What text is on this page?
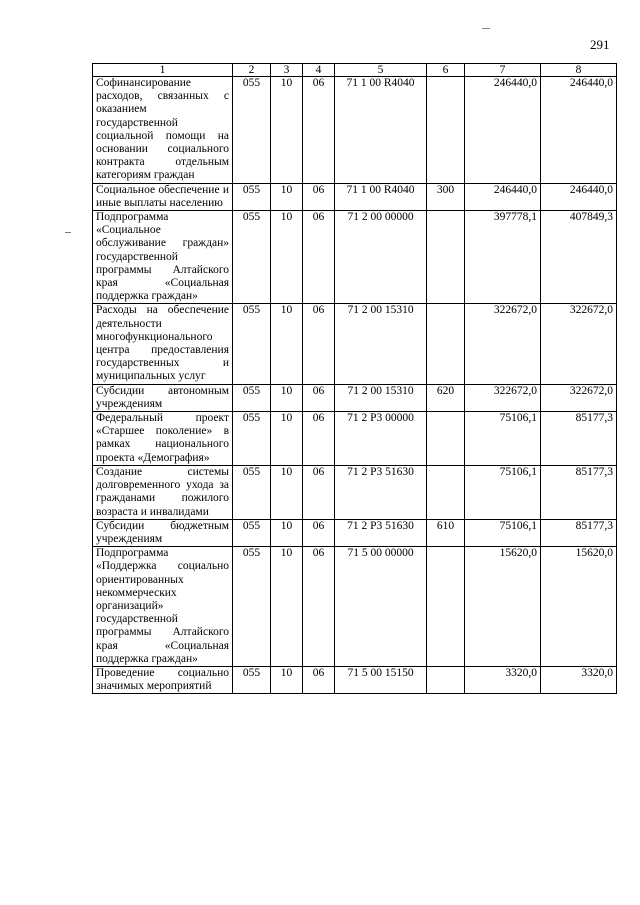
291
1	2	3	4	5	6	7	8
Софинансирование расходов, связанных с оказанием государственной социальной помощи на основании социального контракта отдельным категориям граждан	055	10	06	71 1 00 R4040		246440,0	246440,0
Социальное обеспечение и иные выплаты населению	055	10	06	71 1 00 R4040	300	246440,0	246440,0
Подпрограмма «Социальное обслуживание граждан» государственной программы Алтайского края «Социальная поддержка граждан»	055	10	06	71 2 00 00000		397778,1	407849,3
Расходы на обеспечение деятельности многофункционального центра предоставления государственных и муниципальных услуг	055	10	06	71 2 00 15310		322672,0	322672,0
Субсидии автономным учреждениям	055	10	06	71 2 00 15310	620	322672,0	322672,0
Федеральный проект «Старшее поколение» в рамках национального проекта «Демография»	055	10	06	71 2 P3 00000		75106,1	85177,3
Создание системы долговременного ухода за гражданами пожилого возраста и инвалидами	055	10	06	71 2 P3 51630		75106,1	85177,3
Субсидии бюджетным учреждениям	055	10	06	71 2 P3 51630	610	75106,1	85177,3
Подпрограмма «Поддержка социально ориентированных некоммерческих организаций» государственной программы Алтайского края «Социальная поддержка граждан»	055	10	06	71 5 00 00000		15620,0	15620,0
Проведение социально значимых мероприятий	055	10	06	71 5 00 15150		3320,0	3320,0
